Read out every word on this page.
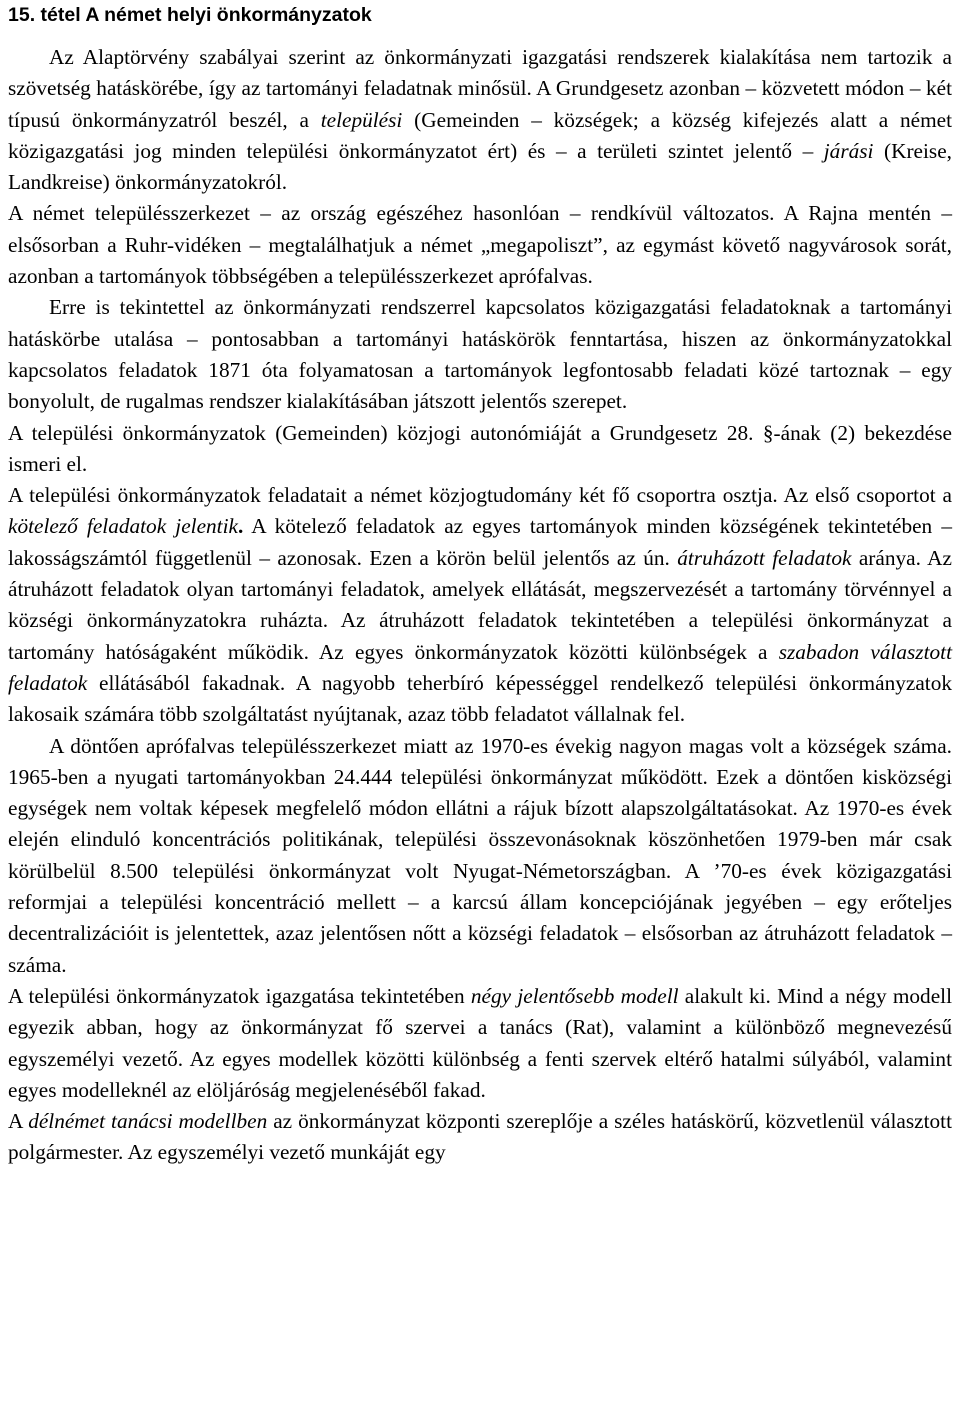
15. tétel A német helyi önkormányzatok

Az Alaptörvény szabályai szerint az önkormányzati igazgatási rendszerek kialakítása nem tartozik a szövetség hatáskörébe, így az tartományi feladatnak minősül. A Grundgesetz azonban – közvetett módon – két típusú önkormányzatról beszél, a települési (Gemeinden – községek; a község kifejezés alatt a német közigazgatási jog minden települési önkormányzatot ért) és – a területi szintet jelentő – járási (Kreise, Landkreise) önkormányzatokról.

A német településszerkezet – az ország egészéhez hasonlóan – rendkívül változatos. A Rajna mentén – elsősorban a Ruhr-vidéken – megtalálhatjuk a német „megapoliszt”, az egymást követő nagyvárosok sorát, azonban a tartományok többségében a településszerkezet aprófalvas.

Erre is tekintettel az önkormányzati rendszerrel kapcsolatos közigazgatási feladatoknak a tartományi hatáskörbe utalása – pontosabban a tartományi hatáskörök fenntartása, hiszen az önkormányzatokkal kapcsolatos feladatok 1871 óta folyamatosan a tartományok legfontosabb feladati közé tartoznak – egy bonyolult, de rugalmas rendszer kialakításában játszott jelentős szerepet.

A települési önkormányzatok (Gemeinden) közjogi autonómiáját a Grundgesetz 28. §-ának (2) bekezdése ismeri el.

A települési önkormányzatok feladatait a német közjogtudomány két fő csoportra osztja. Az első csoportot a kötelező feladatok jelentik. A kötelező feladatok az egyes tartományok minden községének tekintetében – lakosságszámtól függetlenül – azonosak. Ezen a körön belül jelentős az ún. átruházott feladatok aránya. Az átruházott feladatok olyan tartományi feladatok, amelyek ellátását, megszervezését a tartomány törvénnyel a községi önkormányzatokra ruházta. Az átruházott feladatok tekintetében a települési önkormányzat a tartomány hatóságaként működik. Az egyes önkormányzatok közötti különbségek a szabadon választott feladatok ellátásából fakadnak. A nagyobb teherbíró képességgel rendelkező települési önkormányzatok lakosaik számára több szolgáltatást nyújtanak, azaz több feladatot vállalnak fel.

A döntően aprófalvas településszerkezet miatt az 1970-es évekig nagyon magas volt a községek száma. 1965-ben a nyugati tartományokban 24.444 települési önkormányzat működött. Ezek a döntően kisközségi egységek nem voltak képesek megfelelő módon ellátni a rájuk bízott alapszolgáltatásokat. Az 1970-es évek elején elinduló koncentrációs politikának, települési összevonásoknak köszönhetően 1979-ben már csak körülbelül 8.500 települési önkormányzat volt Nyugat-Németországban. A ’70-es évek közigazgatási reformjai a települési koncentráció mellett – a karcsú állam koncepciójának jegyében – egy erőteljes decentralizációit is jelentettek, azaz jelentősen nőtt a községi feladatok – elsősorban az átruházott feladatok – száma.

A települési önkormányzatok igazgatása tekintetében négy jelentősebb modell alakult ki. Mind a négy modell egyezik abban, hogy az önkormányzat fő szervei a tanács (Rat), valamint a különböző megnevezésű egyszemélyi vezető. Az egyes modellek közötti különbség a fenti szervek eltérő hatalmi súlyából, valamint egyes modelleknél az elöljáróság megjelenéséből fakad.

A délnémet tanácsi modellben az önkormányzat központi szereplője a széles hatáskörű, közvetlenül választott polgármester. Az egyszemélyi vezető munkáját egy
